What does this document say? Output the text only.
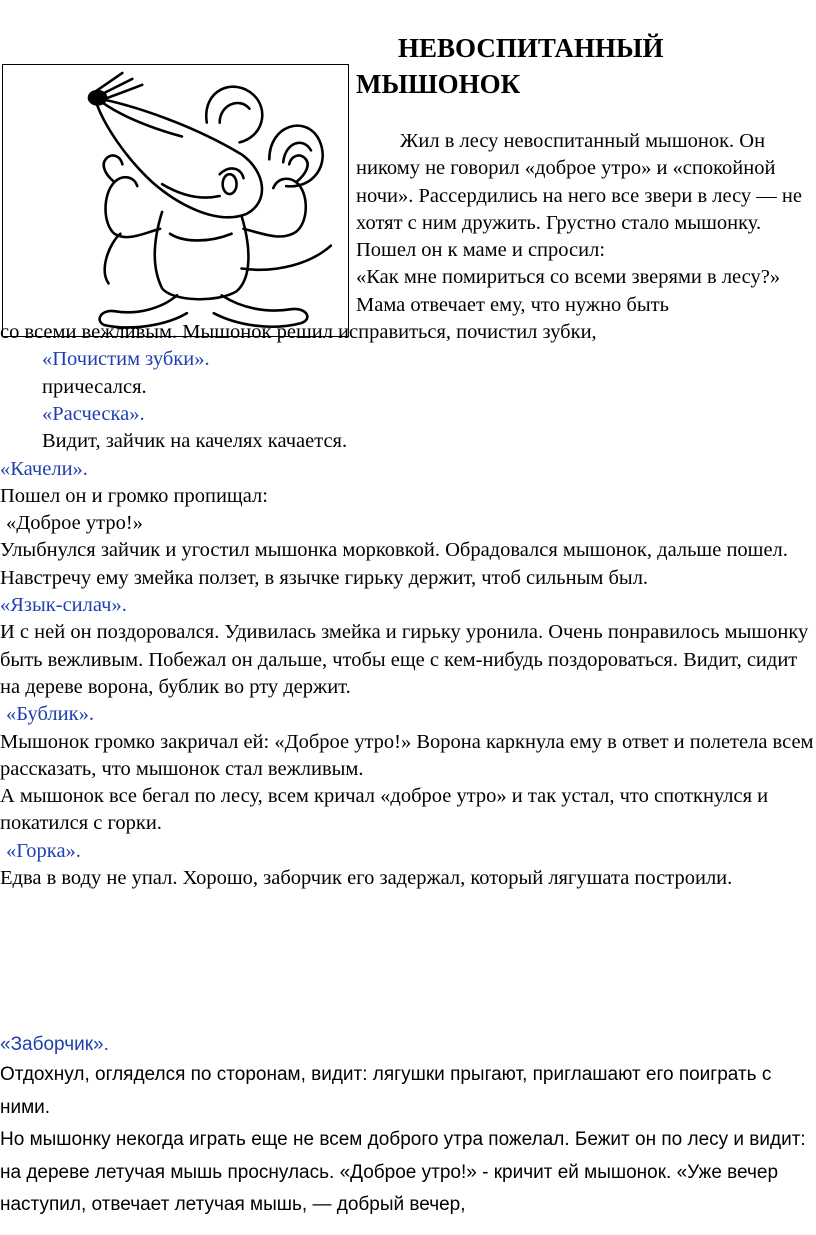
НЕВОСПИТАННЫЙ МЫШОНОК

Жил в лесу невоспитанный мышонок. Он никому не говорил «доброе утро» и «спокойной ночи». Рассердились на него все звери в лесу — не хотят с ним дружить. Грустно стало мышонку. Пошел он к маме и спросил:

«Как мне помириться со всеми зверями в лесу?» Мама отвечает ему, что нужно быть

со всеми вежливым. Мышонок решил исправиться, почистил зубки,

«Почистим зубки».

причесался.

«Расческа».

Видит, зайчик на качелях качается.

«Качели».

Пошел он и громко пропищал:

«Доброе утро!»

Улыбнулся зайчик и угостил мышонка морковкой. Обрадовался мышонок, дальше пошел. Навстречу ему змейка ползет, в язычке гирьку держит, чтоб сильным был.

«Язык-силач».

И с ней он поздоровался. Удивилась змейка и гирьку уронила. Очень понравилось мышонку быть вежливым. Побежал он дальше, чтобы еще с кем-нибудь поздороваться. Видит, сидит на дереве ворона, бублик во рту держит.

«Бублик».

Мышонок громко закричал ей: «Доброе утро!» Ворона каркнула ему в ответ и полетела всем рассказать, что мышонок стал вежливым.

А мышонок все бегал по лесу, всем кричал «доброе утро» и так устал, что споткнулся и покатился с горки.

«Горка».

Едва в воду не упал. Хорошо, заборчик его задержал, который лягушата построили.

«Заборчик».

Отдохнул, огляделся по сторонам, видит: лягушки прыгают, приглашают его поиграть с ними.

Но мышонку некогда играть еще не всем доброго утра пожелал. Бежит он по лесу и видит: на дереве летучая мышь проснулась. «Доброе утро!» - кричит ей мышонок. «Уже вечер наступил, отвечает летучая мышь, — добрый вечер,
